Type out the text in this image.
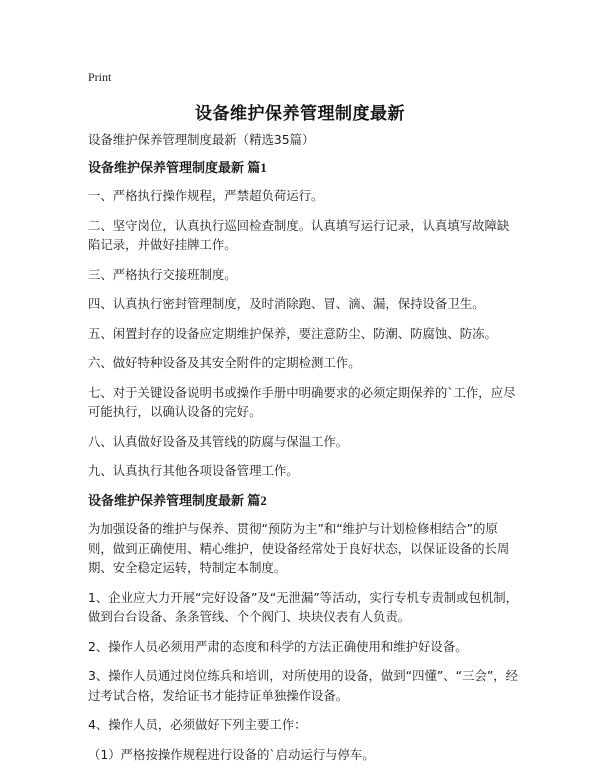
Print
设备维护保养管理制度最新

设备维护保养管理制度最新（精选35篇）

设备维护保养管理制度最新 篇1

一、严格执行操作规程，严禁超负荷运行。

二、坚守岗位，认真执行巡回检查制度。认真填写运行记录，认真填写故障缺陷记录，并做好挂牌工作。

三、严格执行交接班制度。

四、认真执行密封管理制度，及时消除跑、冒、滴、漏，保持设备卫生。

五、闲置封存的设备应定期维护保养，要注意防尘、防潮、防腐蚀、防冻。

六、做好特种设备及其安全附件的定期检测工作。

七、对于关键设备说明书或操作手册中明确要求的必须定期保养的`工作，应尽可能执行，以确认设备的完好。

八、认真做好设备及其管线的防腐与保温工作。

九、认真执行其他各项设备管理工作。

设备维护保养管理制度最新 篇2

为加强设备的维护与保养、贯彻“预防为主”和“维护与计划检修相结合”的原则，做到正确使用、精心维护，使设备经常处于良好状态，以保证设备的长周期、安全稳定运转，特制定本制度。

1、企业应大力开展“完好设备”及“无泄漏”等活动，实行专机专责制或包机制，做到台台设备、条条管线、个个阀门、块块仪表有人负责。

2、操作人员必须用严肃的态度和科学的方法正确使用和维护好设备。

3、操作人员通过岗位练兵和培训，对所使用的设备，做到“四懂”、“三会”，经过考试合格，发给证书才能持证单独操作设备。

4、操作人员，必须做好下列主要工作：

（1）严格按操作规程进行设备的`启动运行与停车。
